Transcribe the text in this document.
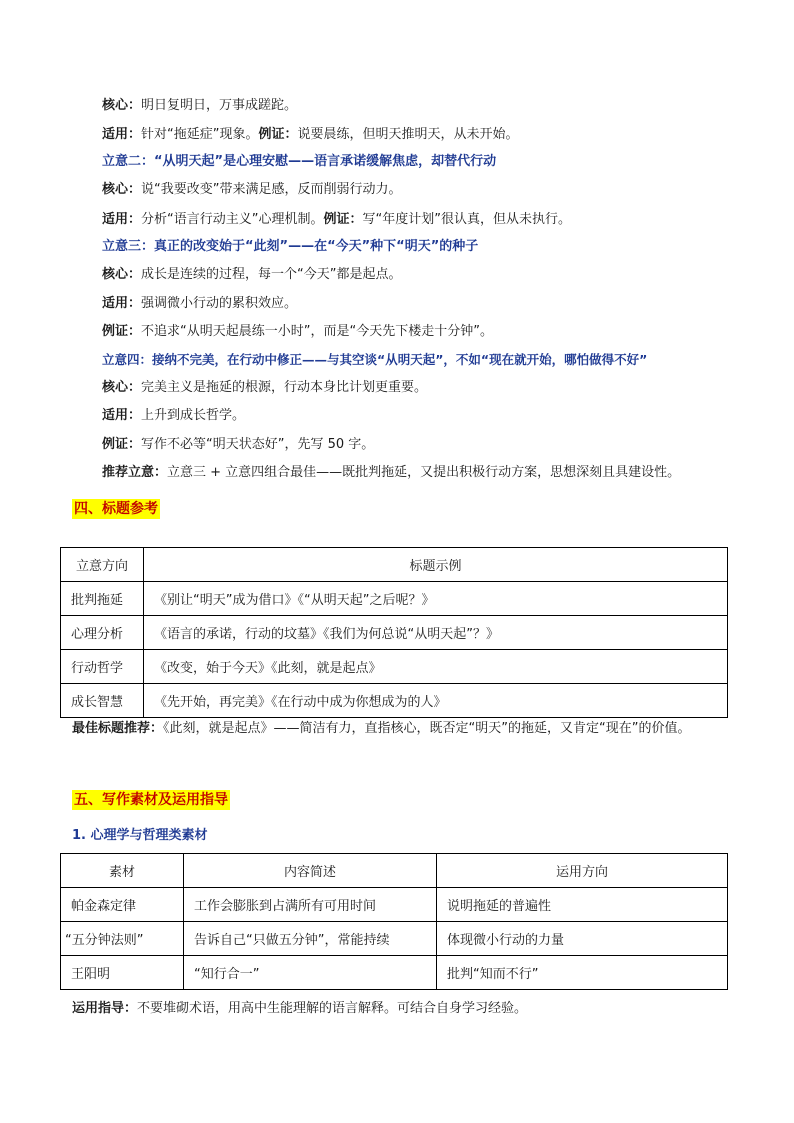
核心：明日复明日，万事成蹉跎。
适用：针对“拖延症”现象。例证：说要晨练，但明天推明天，从未开始。
立意二：“从明天起”是心理安慰——语言承诺缓解焦虑，却替代行动
核心：说“我要改变”带来满足感，反而削弱行动力。
适用：分析“语言行动主义”心理机制。例证：写“年度计划”很认真，但从未执行。
立意三：真正的改变始于“此刻”——在“今天”种下“明天”的种子
核心：成长是连续的过程，每一个“今天”都是起点。
适用：强调微小行动的累积效应。
例证：不追求“从明天起晨练一小时”，而是“今天先下楼走十分钟”。
立意四：接纳不完美，在行动中修正——与其空谈“从明天起”，不如“现在就开始，哪怕做得不好”
核心：完美主义是拖延的根源，行动本身比计划更重要。
适用：上升到成长哲学。
例证：写作不必等“明天状态好”，先写 50 字。
推荐立意：立意三 + 立意四组合最佳——既批判拖延，又提出积极行动方案，思想深刻且具建设性。
四、标题参考
立意方向	标题示例
批判拖延	《别让“明天”成为借口》《“从明天起”之后呢？》
心理分析	《语言的承诺，行动的坟墓》《我们为何总说“从明天起”？》
行动哲学	《改变，始于今天》《此刻，就是起点》
成长智慧	《先开始，再完美》《在行动中成为你想成为的人》
最佳标题推荐：《此刻，就是起点》——简洁有力，直指核心，既否定“明天”的拖延，又肯定“现在”的价值。
五、写作素材及运用指导
1. 心理学与哲理类素材
素材	内容简述	运用方向
帕金森定律	工作会膨胀到占满所有可用时间	说明拖延的普遍性
“五分钟法则”	告诉自己“只做五分钟”，常能持续	体现微小行动的力量
王阳明	“知行合一”	批判“知而不行”
运用指导：不要堆砌术语，用高中生能理解的语言解释。可结合自身学习经验。
